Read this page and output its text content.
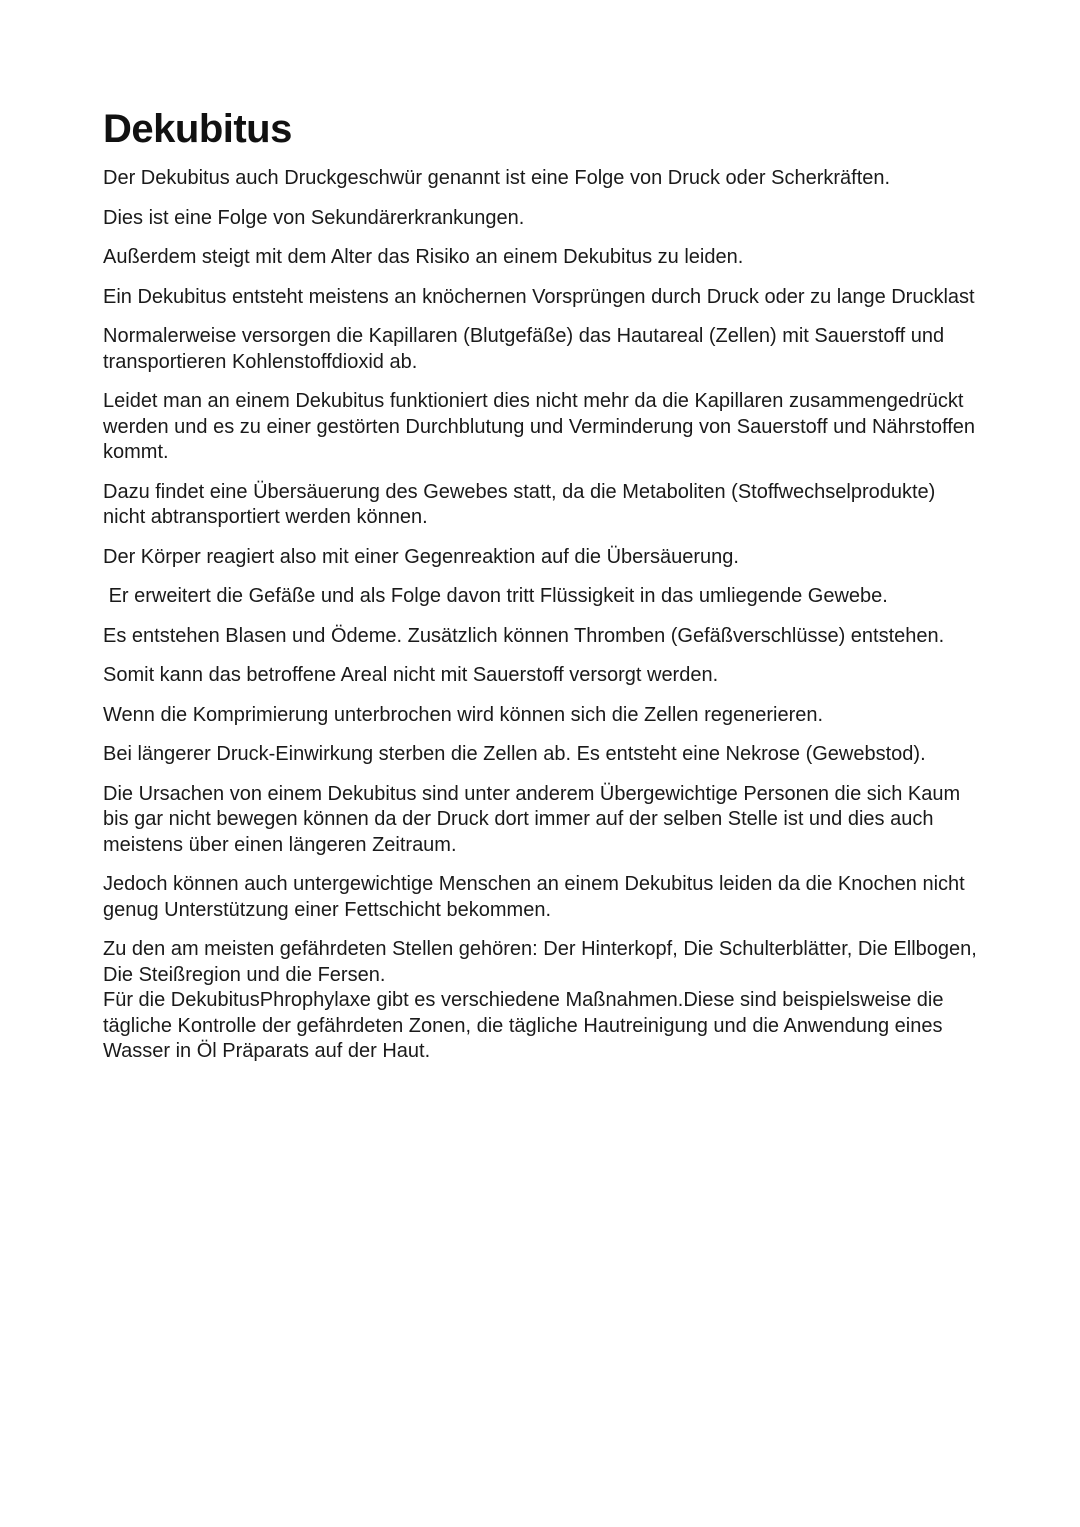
Dekubitus

Der Dekubitus auch Druckgeschwür genannt ist eine Folge von Druck oder Scherkräften.

Dies ist eine Folge von Sekundärerkrankungen.

Außerdem steigt mit dem Alter das Risiko an einem Dekubitus zu leiden.

Ein Dekubitus entsteht meistens an knöchernen Vorsprüngen durch Druck oder zu lange Drucklast

Normalerweise versorgen die Kapillaren (Blutgefäße) das Hautareal (Zellen) mit Sauerstoff und transportieren Kohlenstoffdioxid ab.

Leidet man an einem Dekubitus funktioniert dies nicht mehr da die Kapillaren zusammengedrückt werden und es zu einer gestörten Durchblutung und Verminderung von Sauerstoff und Nährstoffen kommt.

Dazu findet eine Übersäuerung des Gewebes statt, da die Metaboliten (Stoffwechselprodukte) nicht abtransportiert werden können.

Der Körper reagiert also mit einer Gegenreaktion auf die Übersäuerung.

Er erweitert die Gefäße und als Folge davon tritt Flüssigkeit in das umliegende Gewebe.

Es entstehen Blasen und Ödeme. Zusätzlich können Thromben (Gefäßverschlüsse) entstehen.

Somit kann das betroffene Areal nicht mit Sauerstoff versorgt werden.

Wenn die Komprimierung unterbrochen wird können sich die Zellen regenerieren.

Bei längerer Druck-Einwirkung sterben die Zellen ab. Es entsteht eine Nekrose (Gewebstod).

Die Ursachen von einem Dekubitus sind unter anderem Übergewichtige Personen die sich Kaum bis gar nicht bewegen können da der Druck dort immer auf der selben Stelle ist und dies auch meistens über einen längeren Zeitraum.

Jedoch können auch untergewichtige Menschen an einem Dekubitus leiden da die Knochen nicht genug Unterstützung einer Fettschicht bekommen.

Zu den am meisten gefährdeten Stellen gehören: Der Hinterkopf, Die Schulterblätter, Die Ellbogen, Die Steißregion und die Fersen.

Für die DekubitusPhrophylaxe gibt es verschiedene Maßnahmen.Diese sind beispielsweise die tägliche Kontrolle der gefährdeten Zonen, die tägliche Hautreinigung und die Anwendung eines Wasser in Öl Präparats auf der Haut.
